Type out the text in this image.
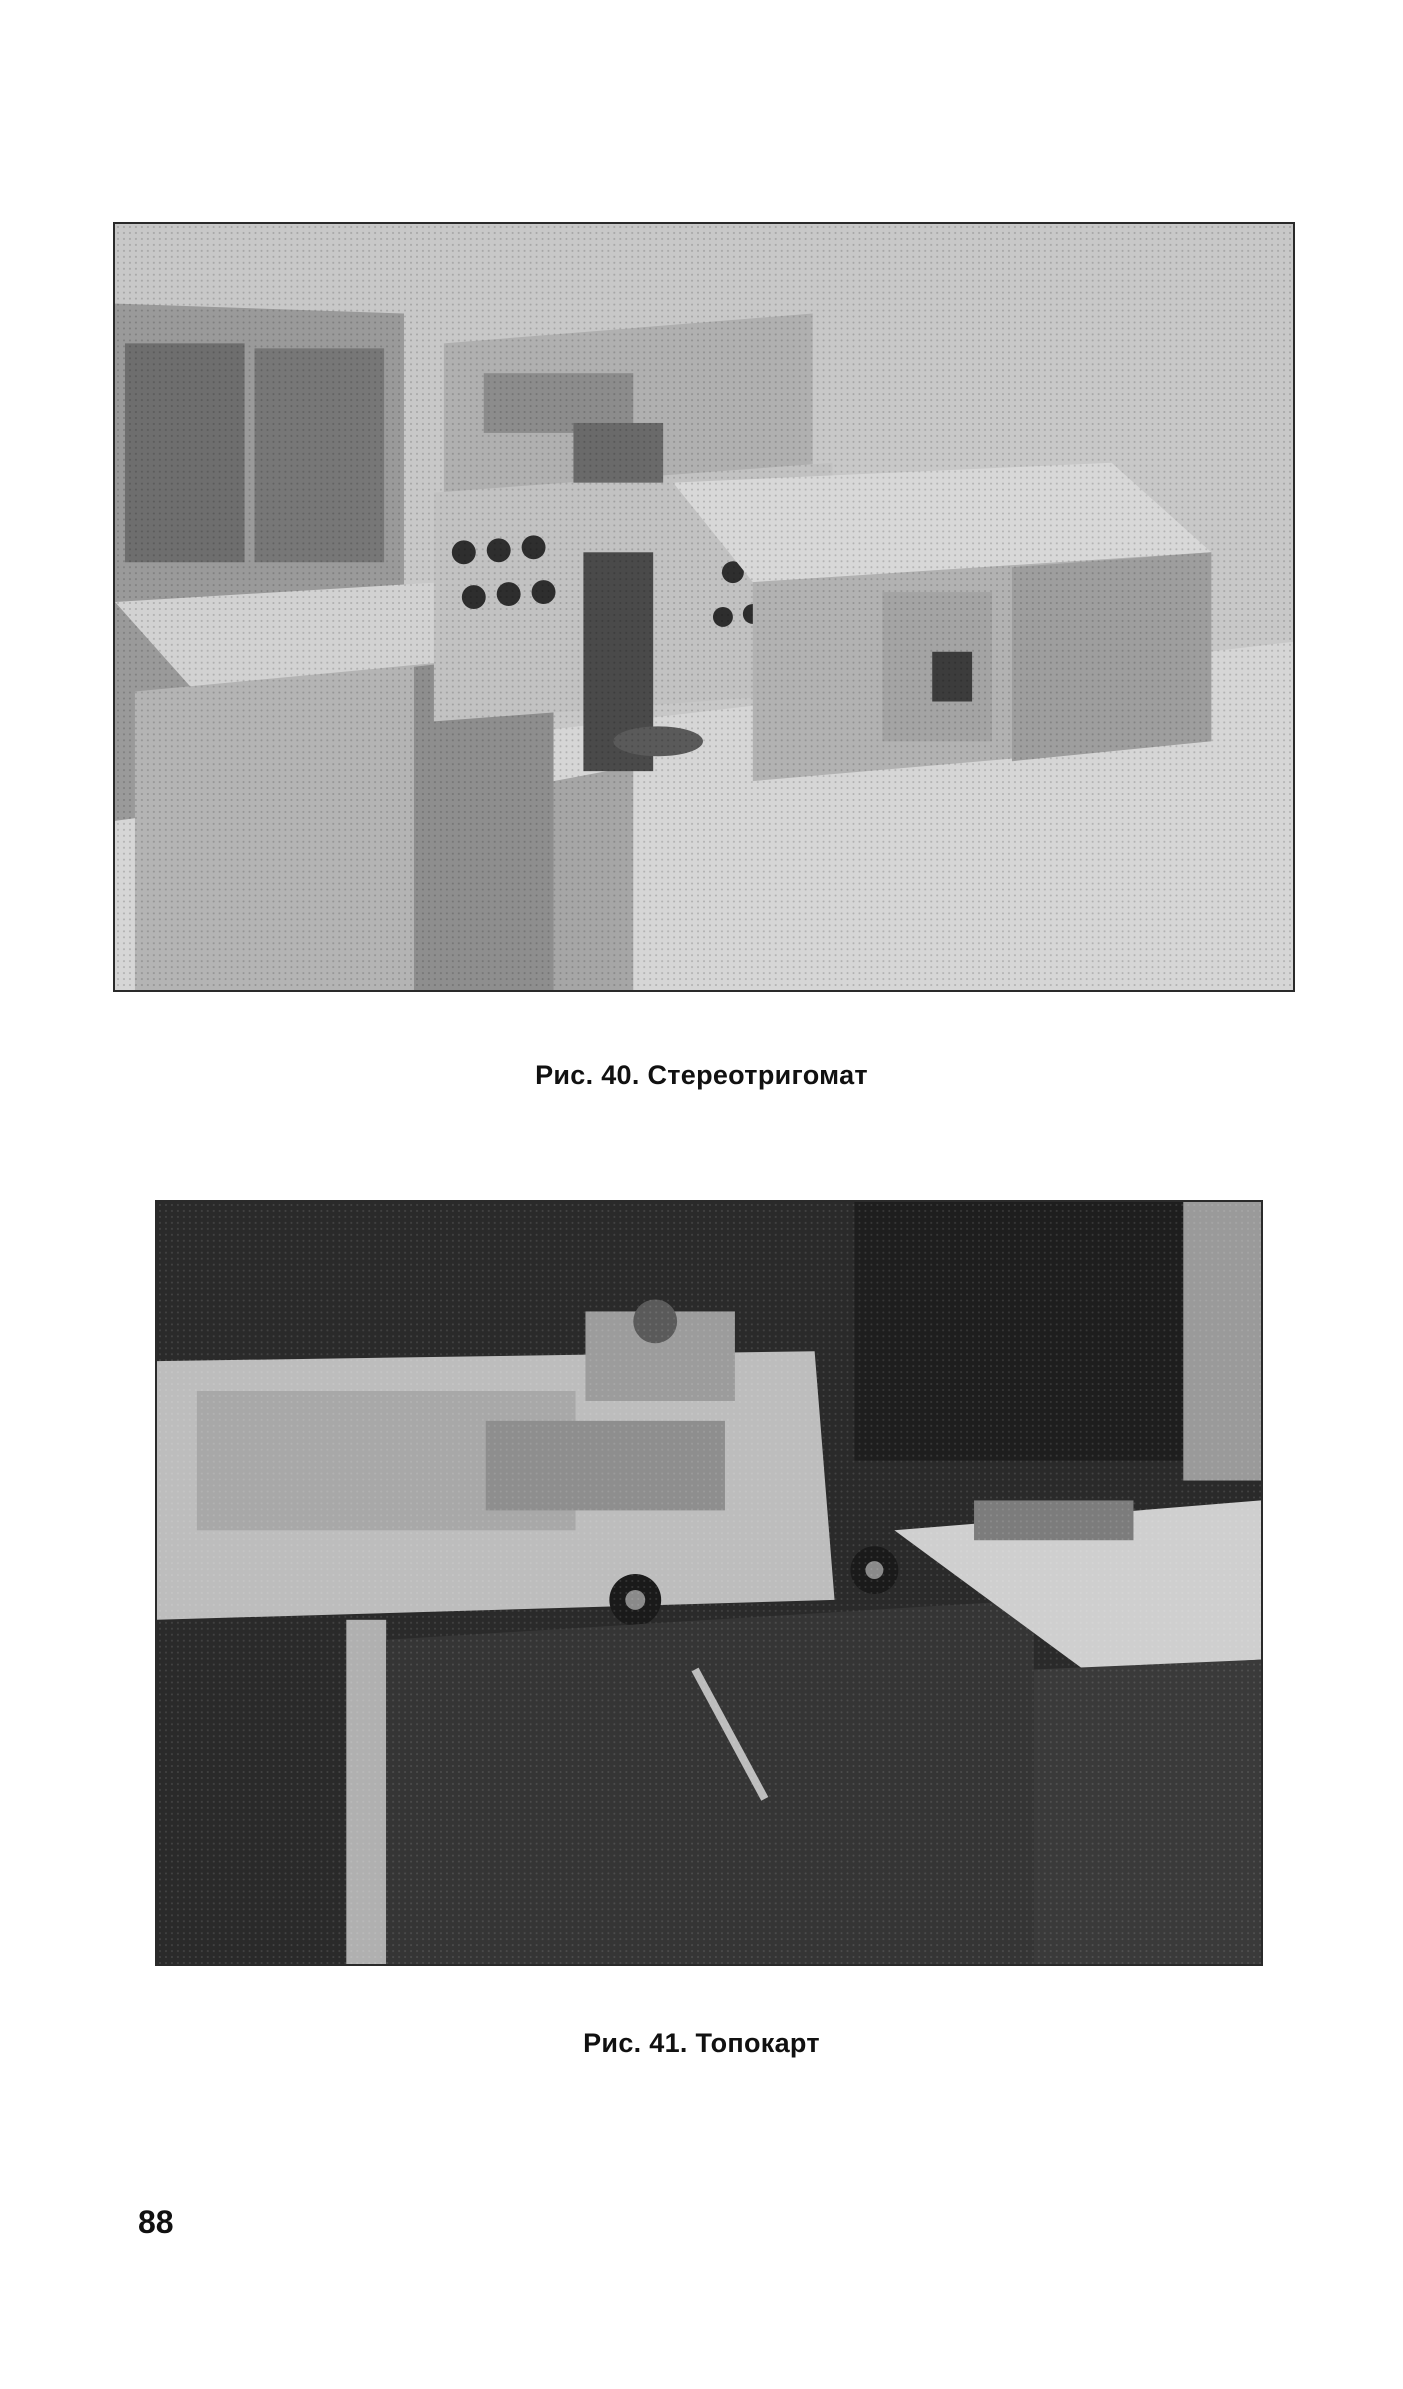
Рис. 40. Стереотригомат
Рис. 41. Топокарт
88
